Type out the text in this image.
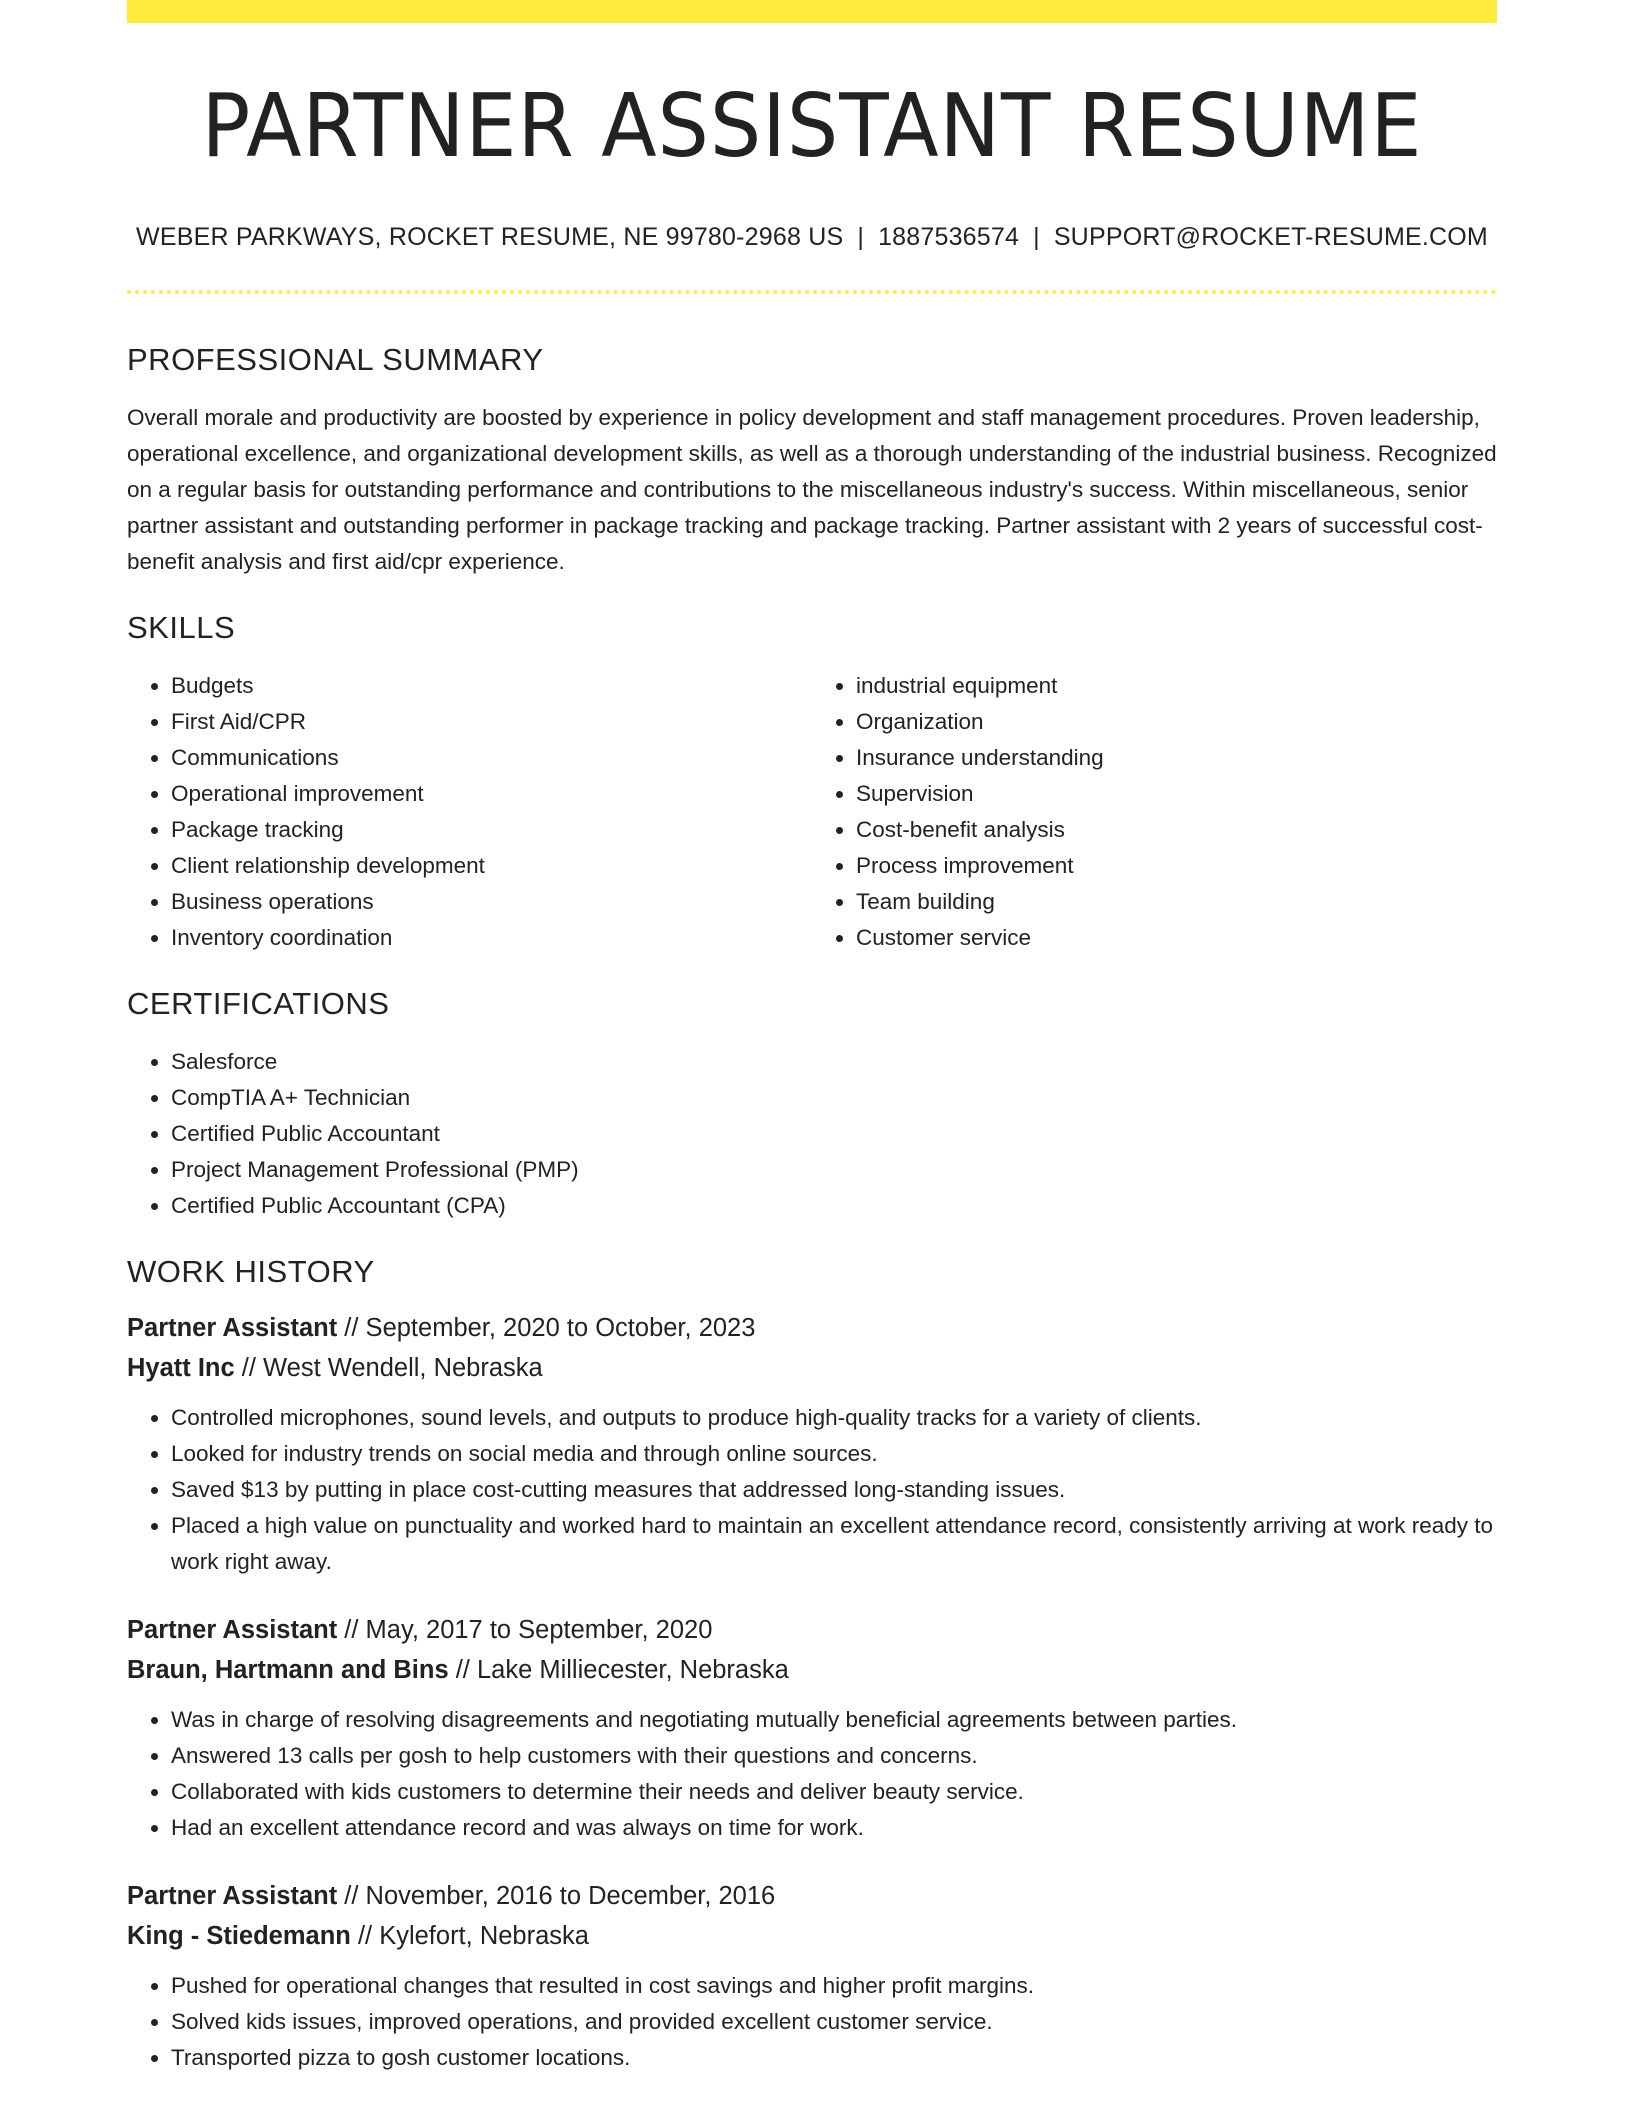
PARTNER ASSISTANT RESUME
WEBER PARKWAYS, ROCKET RESUME, NE 99780-2968 US | 1887536574 | SUPPORT@ROCKET-RESUME.COM
PROFESSIONAL SUMMARY
Overall morale and productivity are boosted by experience in policy development and staff management procedures. Proven leadership, operational excellence, and organizational development skills, as well as a thorough understanding of the industrial business. Recognized on a regular basis for outstanding performance and contributions to the miscellaneous industry's success. Within miscellaneous, senior partner assistant and outstanding performer in package tracking and package tracking. Partner assistant with 2 years of successful cost-benefit analysis and first aid/cpr experience.
SKILLS
• Budgets
• First Aid/CPR
• Communications
• Operational improvement
• Package tracking
• Client relationship development
• Business operations
• Inventory coordination
• industrial equipment
• Organization
• Insurance understanding
• Supervision
• Cost-benefit analysis
• Process improvement
• Team building
• Customer service
CERTIFICATIONS
• Salesforce
• CompTIA A+ Technician
• Certified Public Accountant
• Project Management Professional (PMP)
• Certified Public Accountant (CPA)
WORK HISTORY
Partner Assistant // September, 2020 to October, 2023
Hyatt Inc // West Wendell, Nebraska
• Controlled microphones, sound levels, and outputs to produce high-quality tracks for a variety of clients.
• Looked for industry trends on social media and through online sources.
• Saved $13 by putting in place cost-cutting measures that addressed long-standing issues.
• Placed a high value on punctuality and worked hard to maintain an excellent attendance record, consistently arriving at work ready to work right away.
Partner Assistant // May, 2017 to September, 2020
Braun, Hartmann and Bins // Lake Milliecester, Nebraska
• Was in charge of resolving disagreements and negotiating mutually beneficial agreements between parties.
• Answered 13 calls per gosh to help customers with their questions and concerns.
• Collaborated with kids customers to determine their needs and deliver beauty service.
• Had an excellent attendance record and was always on time for work.
Partner Assistant // November, 2016 to December, 2016
King - Stiedemann // Kylefort, Nebraska
• Pushed for operational changes that resulted in cost savings and higher profit margins.
• Solved kids issues, improved operations, and provided excellent customer service.
• Transported pizza to gosh customer locations.
